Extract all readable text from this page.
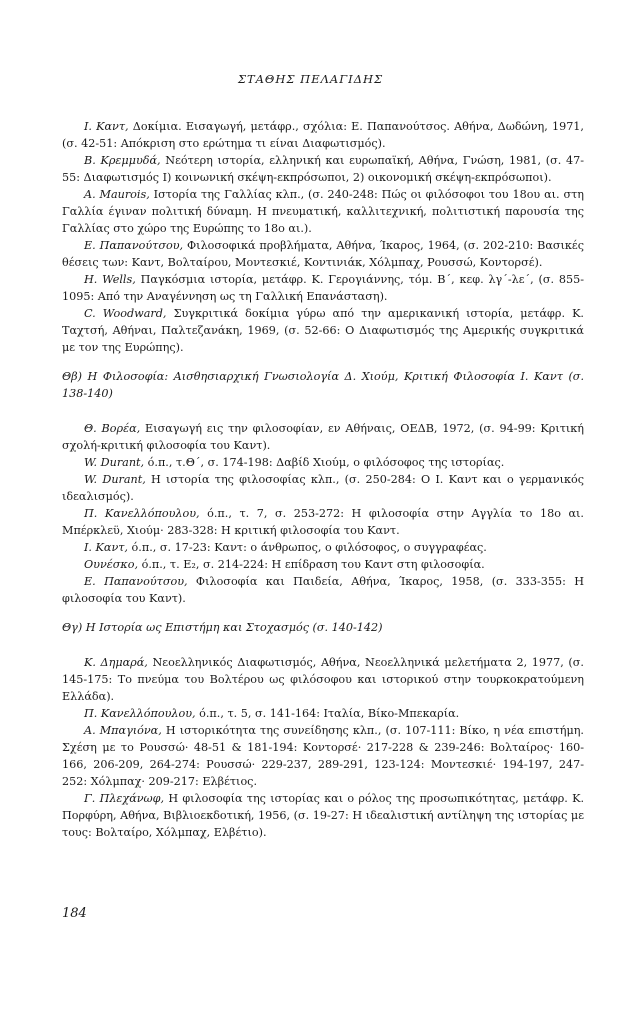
ΣΤΑΘΗΣ ΠΕΛΑΓΙΔΗΣ

Ι. Καντ, Δοκίμια. Εισαγωγή, μετάφρ., σχόλια: Ε. Παπανούτσος. Αθήνα, Δωδώνη, 1971, (σ. 42-51: Απόκριση στο ερώτημα τι είναι Διαφωτισμός).

Β. Κρεμμυδά, Νεότερη ιστορία, ελληνική και ευρωπαϊκή, Αθήνα, Γνώση, 1981, (σ. 47-55: Διαφωτισμός Ι) κοινωνική σκέψη-εκπρόσωποι, 2) οικονομική σκέψη-εκπρόσωποι).

A. Maurois, Ιστορία της Γαλλίας κλπ., (σ. 240-248: Πώς οι φιλόσοφοι του 18ου αι. στη Γαλλία έγιναν πολιτική δύναμη. Η πνευματική, καλλιτεχνική, πολιτιστική παρουσία της Γαλλίας στο χώρο της Ευρώπης το 18ο αι.).

Ε. Παπανούτσου, Φιλοσοφικά προβλήματα, Αθήνα, Ίκαρος, 1964, (σ. 202-210: Βασικές θέσεις των: Καντ, Βολταίρου, Μοντεσκιέ, Κοντινιάκ, Χόλμπαχ, Ρουσσώ, Κοντορσέ).

H. Wells, Παγκόσμια ιστορία, μετάφρ. Κ. Γερογιάννης, τόμ. Β΄, κεφ. λγ΄-λε΄, (σ. 855-1095: Από την Αναγέννηση ως τη Γαλλική Επανάσταση).

C. Woodward, Συγκριτικά δοκίμια γύρω από την αμερικανική ιστορία, μετάφρ. Κ. Ταχτσή, Αθήναι, Παλτεζανάκη, 1969, (σ. 52-66: Ο Διαφωτισμός της Αμερικής συγκριτικά με τον της Ευρώπης).

Θβ) Η Φιλοσοφία: Αισθησιαρχική Γνωσιολογία Δ. Χιούμ, Κριτική Φιλοσοφία Ι. Καντ (σ. 138-140)

Θ. Βορέα, Εισαγωγή εις την φιλοσοφίαν, εν Αθήναις, ΟΕΔΒ, 1972, (σ. 94-99: Κριτική σχολή-κριτική φιλοσοφία του Καντ).

W. Durant, ό.π., τ.Θ΄, σ. 174-198: Δαβίδ Χιούμ, ο φιλόσοφος της ιστορίας.

W. Durant, Η ιστορία της φιλοσοφίας κλπ., (σ. 250-284: Ο Ι. Καντ και ο γερμανικός ιδεαλισμός).

Π. Κανελλόπουλου, ό.π., τ. 7, σ. 253-272: Η φιλοσοφία στην Αγγλία το 18ο αι. Μπέρκλεϋ, Χιούμ· 283-328: Η κριτική φιλοσοφία του Καντ.

Ι. Καντ, ό.π., σ. 17-23: Καντ: ο άνθρωπος, ο φιλόσοφος, ο συγγραφέας.

Ουνέσκο, ό.π., τ. Ε₂, σ. 214-224: Η επίδραση του Καντ στη φιλοσοφία.

Ε. Παπανούτσου, Φιλοσοφία και Παιδεία, Αθήνα, Ίκαρος, 1958, (σ. 333-355: Η φιλοσοφία του Καντ).

Θγ) Η Ιστορία ως Επιστήμη και Στοχασμός (σ. 140-142)

Κ. Δημαρά, Νεοελληνικός Διαφωτισμός, Αθήνα, Νεοελληνικά μελετήματα 2, 1977, (σ. 145-175: Το πνεύμα του Βολτέρου ως φιλόσοφου και ιστορικού στην τουρκοκρατούμενη Ελλάδα).

Π. Κανελλόπουλου, ό.π., τ. 5, σ. 141-164: Ιταλία, Βίκο-Μπεκαρία.

Α. Μπαγιόνα, Η ιστορικότητα της συνείδησης κλπ., (σ. 107-111: Βίκο, η νέα επιστήμη. Σχέση με το Ρουσσώ· 48-51 & 181-194: Κοντορσέ· 217-228 & 239-246: Βολταίρος· 160-166, 206-209, 264-274: Ρουσσώ· 229-237, 289-291, 123-124: Μοντεσκιέ· 194-197, 247-252: Χόλμπαχ· 209-217: Ελβέτιος.

Γ. Πλεχάνωφ, Η φιλοσοφία της ιστορίας και ο ρόλος της προσωπικότητας, μετάφρ. Κ. Πορφύρη, Αθήνα, Βιβλιοεκδοτική, 1956, (σ. 19-27: Η ιδεαλιστική αντίληψη της ιστορίας με τους: Βολταίρο, Χόλμπαχ, Ελβέτιο).

184
